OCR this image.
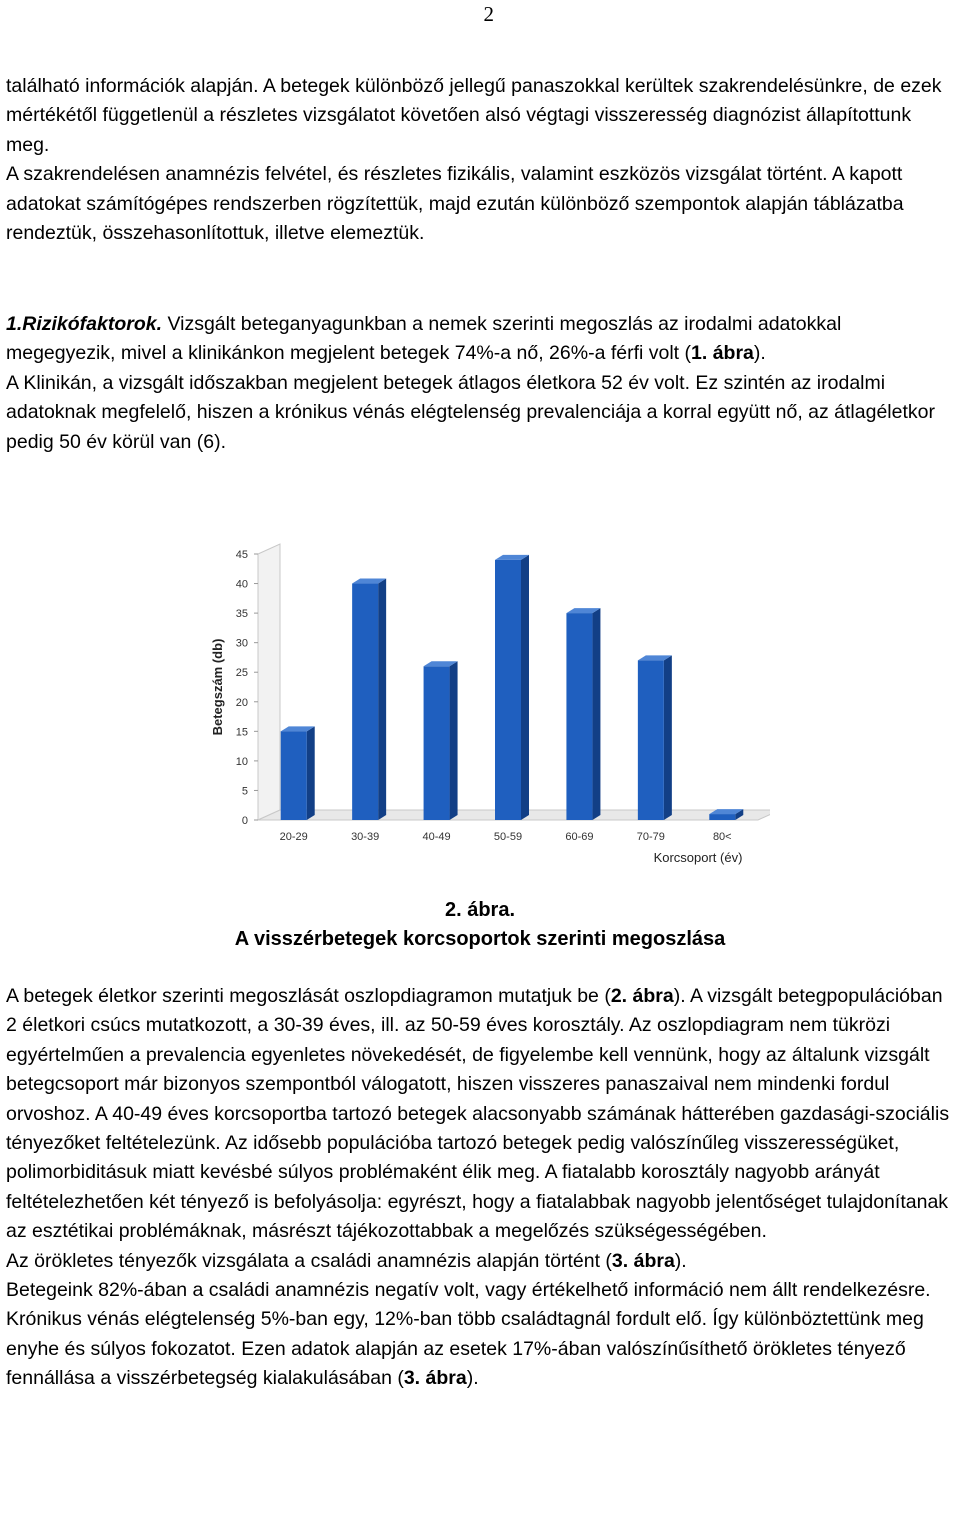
2

található információk alapján. A betegek különböző jellegű panaszokkal kerültek szakrendelésünkre, de ezek mértékétől függetlenül a részletes vizsgálatot követően alsó végtagi visszeresség diagnózist állapítottunk meg.

A szakrendelésen anamnézis felvétel, és részletes fizikális, valamint eszközös vizsgálat történt. A kapott adatokat számítógépes rendszerben rögzítettük, majd ezután különböző szempontok alapján táblázatba rendeztük, összehasonlítottuk, illetve elemeztük.

1.Rizikófaktorok. Vizsgált beteganyagunkban a nemek szerinti megoszlás az irodalmi adatokkal megegyezik, mivel a klinikánkon megjelent betegek 74%-a nő, 26%-a férfi volt (1. ábra).

A Klinikán, a vizsgált időszakban megjelent betegek átlagos életkora 52 év volt. Ez szintén az irodalmi adatoknak megfelelő, hiszen a krónikus vénás elégtelenség prevalenciája a korral együtt nő, az átlagéletkor pedig 50 év körül van (6).

0
5
10
15
20
25
30
35
40
45
Betegszám (db)
20-29	30-39	40-49	50-59	60-69	70-79	80<
Korcsoport (év)
2. ábra.
A visszérbetegek korcsoportok szerinti megoszlása

A betegek életkor szerinti megoszlását oszlopdiagramon mutatjuk be (2. ábra). A vizsgált betegpopulációban 2 életkori csúcs mutatkozott, a 30-39 éves, ill. az 50-59 éves korosztály. Az oszlopdiagram nem tükrözi egyértelműen a prevalencia egyenletes növekedését, de figyelembe kell vennünk, hogy az általunk vizsgált betegcsoport már bizonyos szempontból válogatott, hiszen visszeres panaszaival nem mindenki fordul orvoshoz. A 40-49 éves korcsoportba tartozó betegek alacsonyabb számának hátterében gazdasági-szociális tényezőket feltételezünk. Az idősebb populációba tartozó betegek pedig valószínűleg visszerességüket, polimorbiditásuk miatt kevésbé súlyos problémaként élik meg. A fiatalabb korosztály nagyobb arányát feltételezhetően két tényező is befolyásolja: egyrészt, hogy a fiatalabbak nagyobb jelentőséget tulajdonítanak az esztétikai problémáknak, másrészt tájékozottabbak a megelőzés szükségességében.

Az örökletes tényezők vizsgálata a családi anamnézis alapján történt (3. ábra).

Betegeink 82%-ában a családi anamnézis negatív volt, vagy értékelhető információ nem állt rendelkezésre. Krónikus vénás elégtelenség 5%-ban egy, 12%-ban több családtagnál fordult elő. Így különböztettünk meg enyhe és súlyos fokozatot. Ezen adatok alapján az esetek 17%-ában valószínűsíthető örökletes tényező fennállása a visszérbetegség kialakulásában (3. ábra).
